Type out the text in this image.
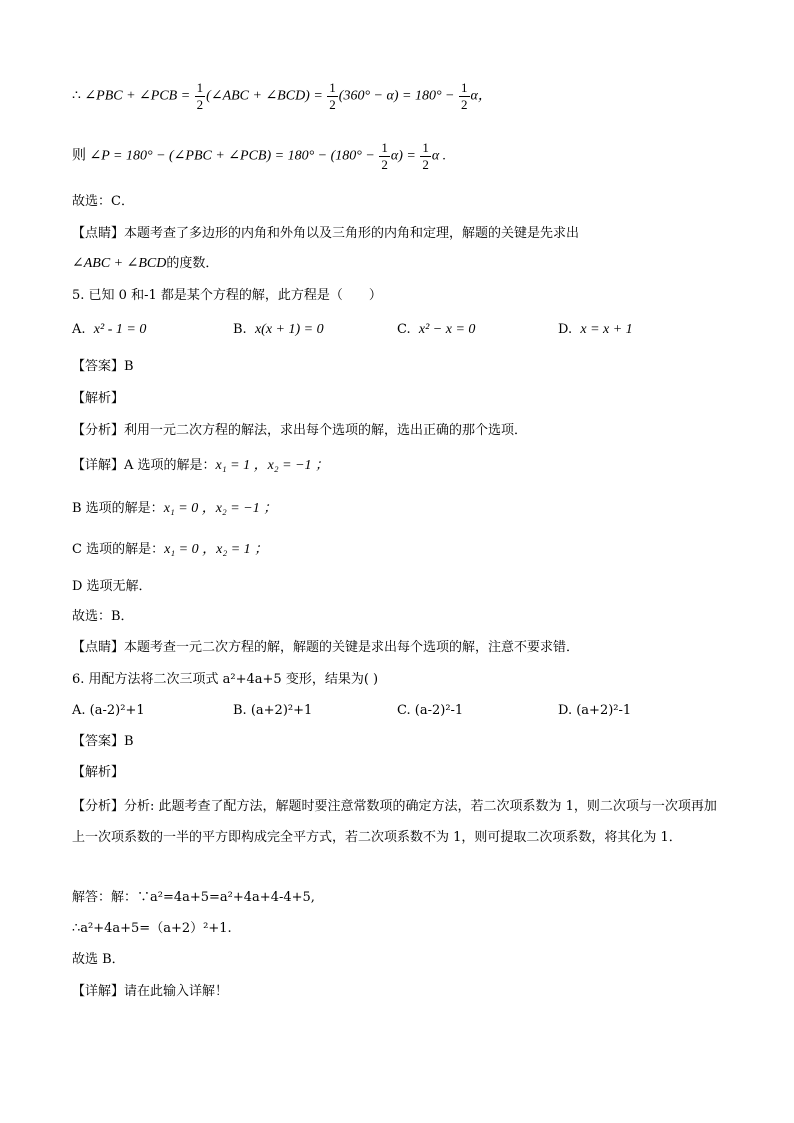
∴ ∠PBC + ∠PCB = $\frac{1}{2}$ (∠ABC + ∠BCD) = $\frac{1}{2} (360^\circ - \alpha) = 180^\circ - \frac{1}{2}$ α，
则 ∠P = 180° − (∠PBC + ∠PCB) = $180^\circ - (180^\circ - \frac{1}{2} \alpha) = \frac{1}{2}$ α .
故选：C．
【点睛】本题考查了多边形的内角和外角以及三角形的内角和定理，解题的关键是先求出
∠ABC + ∠BCD的度数．
5. 已知 0 和-1 都是某个方程的解，此方程是（　　）
A. x² - 1 = 0	B. x(x + 1) = 0	C. x² − x = 0	D. x = x + 1
【答案】B
【解析】
【分析】利用一元二次方程的解法，求出每个选项的解，选出正确的那个选项．
【详解】A 选项的解是：x₁ = 1 ，x₂ = −1 ；
B 选项的解是：x₁ = 0 ，x₂ = −1 ；
C 选项的解是：x₁ = 0 ，x₂ = 1 ；
D 选项无解．
故选：B．
【点睛】本题考查一元二次方程的解，解题的关键是求出每个选项的解，注意不要求错．
6. 用配方法将二次三项式 a²+4a+5 变形，结果为( )
A. (a-2)²+1	B. (a+2)²+1	C. (a-2)²-1	D. (a+2)²-1
【答案】B
【解析】
【分析】分析: 此题考查了配方法，解题时要注意常数项的确定方法，若二次项系数为 1，则二次项与一次项再加上一次项系数的一半的平方即构成完全平方式，若二次项系数不为 1，则可提取二次项系数，将其化为 1．
解答：解：∵a²=4a+5=a²+4a+4-4+5,
∴a²+4a+5=（a+2）²+1.
故选 B．
【详解】请在此输入详解！
